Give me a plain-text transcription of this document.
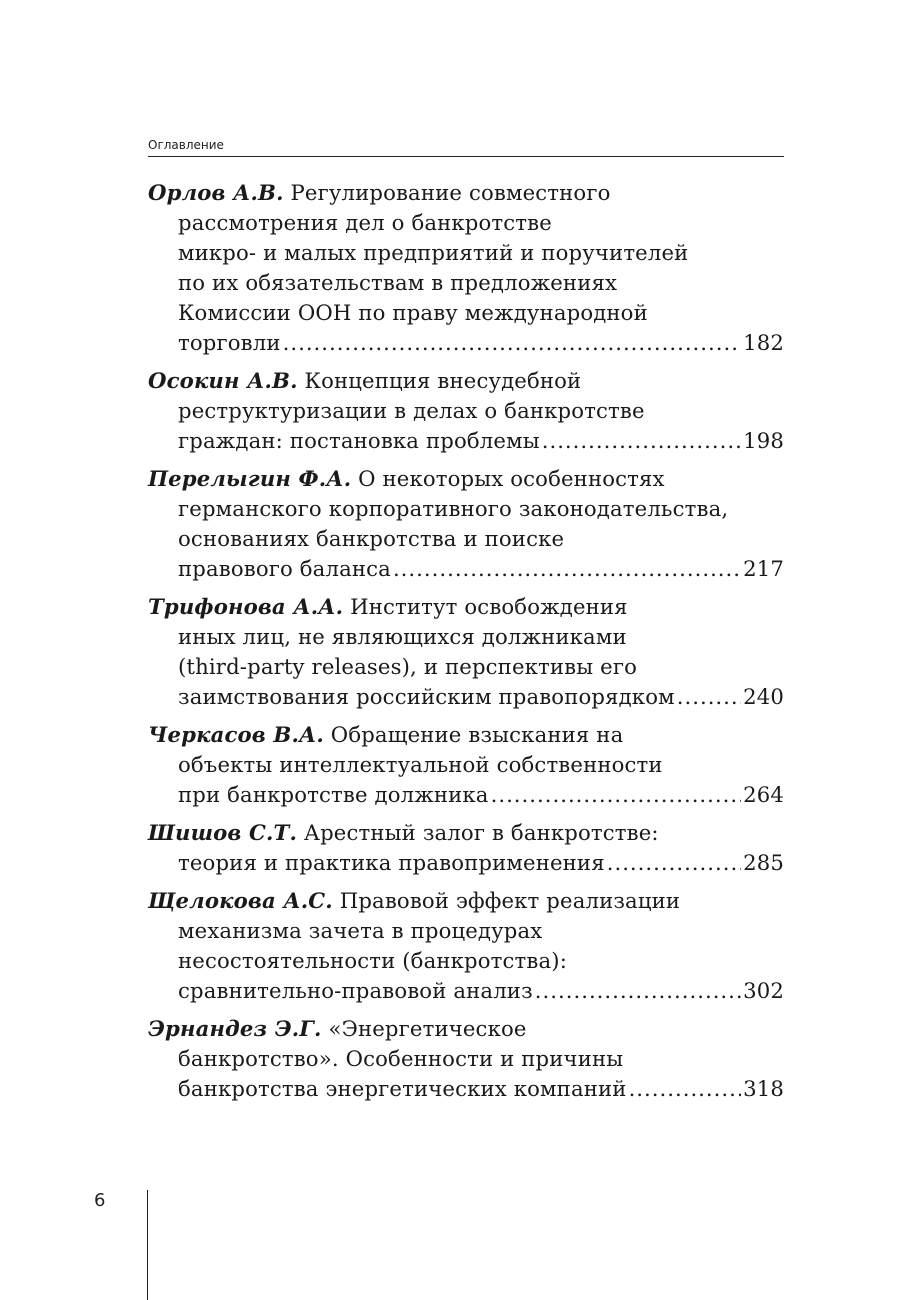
Оглавление
Орлов А.В. Регулирование совместного
рассмотрения дел о банкротстве
микро- и малых предприятий и поручителей
по их обязательствам в предложениях
Комиссии ООН по праву международной
торговли .....	182
Осокин А.В. Концепция внесудебной
реструктуризации в делах о банкротстве
граждан: постановка проблемы .....	198
Перелыгин Ф.А. О некоторых особенностях
германского корпоративного законодательства,
основаниях банкротства и поиске
правового баланса .....	217
Трифонова А.А. Институт освобождения
иных лиц, не являющихся должниками
(third-party releases), и перспективы его
заимствования российским правопорядком .....	240
Черкасов В.А. Обращение взыскания на
объекты интеллектуальной собственности
при банкротстве должника .....	264
Шишов С.Т. Арестный залог в банкротстве:
теория и практика правоприменения .....	285
Щелокова А.С. Правовой эффект реализации
механизма зачета в процедурах
несостоятельности (банкротства):
сравнительно-правовой анализ .....	302
Эрнандез Э.Г. «Энергетическое
банкротство». Особенности и причины
банкротства энергетических компаний .....	318
6
